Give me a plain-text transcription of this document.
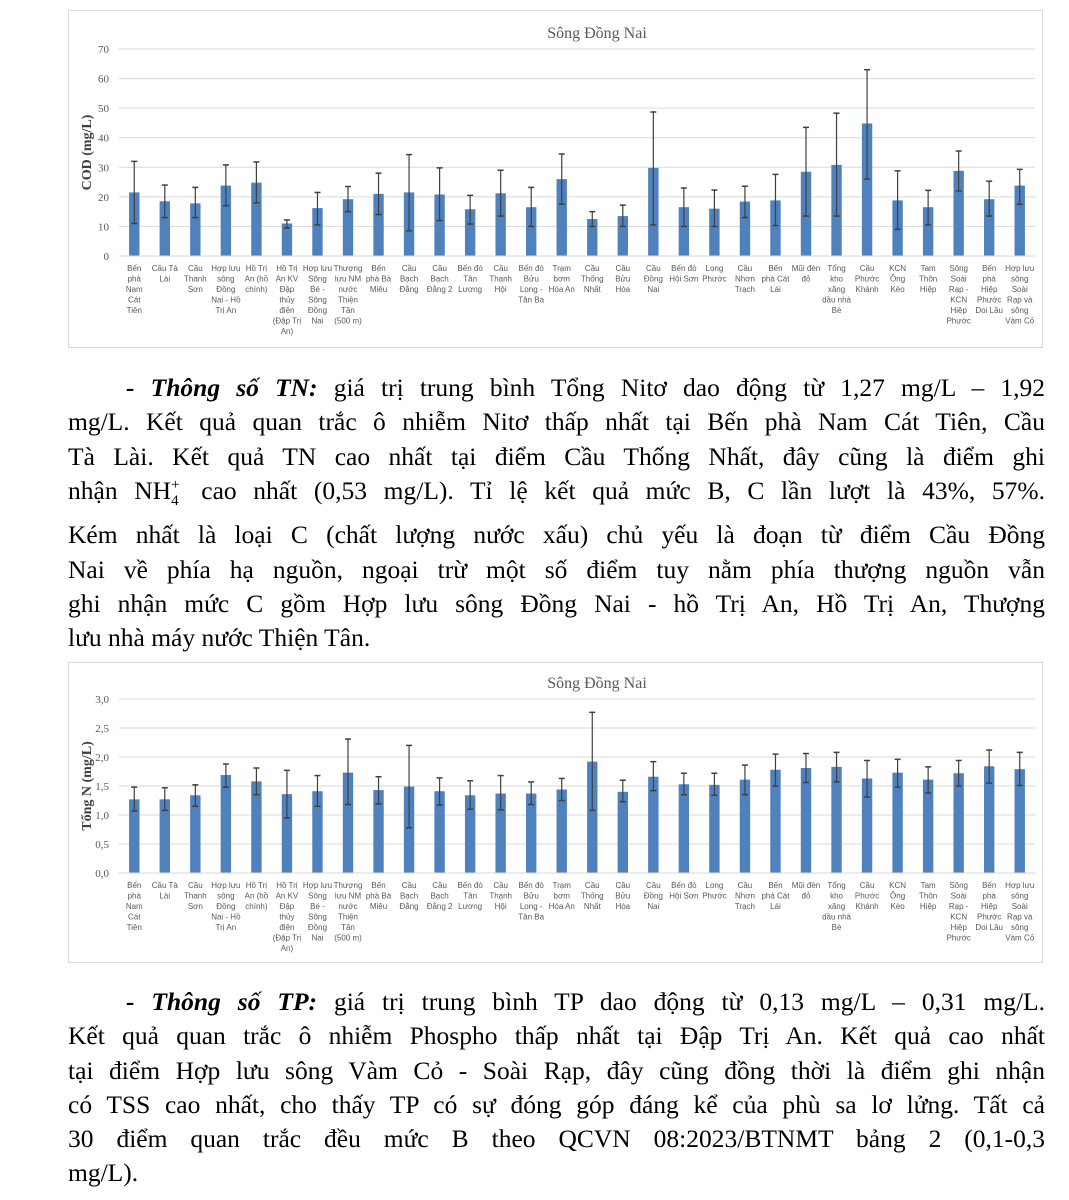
Sông Đồng Nai
0
10
20
30
40
50
60
70
COD (mg/L)
Bến phà Nam Cát Tiên
Cầu Tà Lài
Cầu Thanh Sơn
Hợp lưu sông Đồng Nai - Hồ Trị An
Hồ Trị An (hồ chính)
Hồ Trị An KV Đập thủy điện (Đập Trị An)
Hợp lưu Sông Bé -Sông Đồng Nai
Thượng lưu NM nước Thiện Tân (500 m)
Bến phà Bà Miêu
Cầu Bạch Đằng
Cầu Bạch Đằng 2
Bến đò Tân Lương
Cầu Thạnh Hội
Bến đò Bửu Long -Tân Ba
Trạm bơm Hóa An
Cầu Thống Nhất
Cầu Bửu Hòa
Cầu Đồng Nai
Bến đò Hội Sơn
Long Phước
Cầu Nhơn Trạch
Bến phà Cát Lái
Mũi đèn đỏ
Tổng kho xăng dầu nhà Bè
Cầu Phước Khánh
KCN Ông Kèo
Tam Thôn Hiệp
Sông Soài Rạp -KCN Hiệp Phước
Bến phà Hiệp Phước Doi Lầu
Hợp lưu sông Soài Rạp và sông Vàm Cỏ
- Thông số TN: giá trị trung bình Tổng Nitơ dao động từ 1,27 mg/L – 1,92
mg/L. Kết quả quan trắc ô nhiễm Nitơ thấp nhất tại Bến phà Nam Cát Tiên, Cầu
Tà Lài. Kết quả TN cao nhất tại điểm Cầu Thống Nhất, đây cũng là điểm ghi
nhận $NH_4$
+ cao nhất (0,53 mg/L). Tỉ lệ kết quả mức B, C lần lượt là 43%, 57%.
Kém nhất là loại C (chất lượng nước xấu) chủ yếu là đoạn từ điểm Cầu Đồng
Nai về phía hạ nguồn, ngoại trừ một số điểm tuy nằm phía thượng nguồn vẫn
ghi nhận mức C gồm Hợp lưu sông Đồng Nai - hồ Trị An, Hồ Trị An, Thượng
lưu nhà máy nước Thiện Tân.
Sông Đồng Nai
0,0
0,5
1,0
1,5
2,0
2,5
3,0
Tổng N (mg/L)
Bến phà Nam Cát Tiên
Cầu Tà Lài
Cầu Thanh Sơn
Hợp lưu sông Đồng Nai - Hồ Trị An
Hồ Trị An (hồ chính)
Hồ Trị An KV Đập thủy điện (Đập Trị An)
Hợp lưu Sông Bé -Sông Đồng Nai
Thượng lưu NM nước Thiện Tân (500 m)
Bến phà Bà Miêu
Cầu Bạch Đằng
Cầu Bạch Đằng 2
Bến đò Tân Lương
Cầu Thạnh Hội
Bến đò Bửu Long -Tân Ba
Trạm bơm Hóa An
Cầu Thống Nhất
Cầu Bửu Hòa
Cầu Đồng Nai
Bến đò Hội Sơn
Long Phước
Cầu Nhơn Trạch
Bến phà Cát Lái
Mũi đèn đỏ
Tổng kho xăng dầu nhà Bè
Cầu Phước Khánh
KCN Ông Kèo
Tam Thôn Hiệp
Sông Soài Rạp -KCN Hiệp Phước
Bến phà Hiệp Phước Doi Lầu
Hợp lưu sông Soài Rạp và sông Vàm Cỏ
- Thông số TP: giá trị trung bình TP dao động từ 0,13 mg/L – 0,31 mg/L.
Kết quả quan trắc ô nhiễm Phospho thấp nhất tại Đập Trị An. Kết quả cao nhất
tại điểm Hợp lưu sông Vàm Cỏ - Soài Rạp, đây cũng đồng thời là điểm ghi nhận
có TSS cao nhất, cho thấy TP có sự đóng góp đáng kể của phù sa lơ lửng. Tất cả
30 điểm quan trắc đều mức B theo QCVN 08:2023/BTNMT bảng 2 (0,1-0,3
mg/L).
